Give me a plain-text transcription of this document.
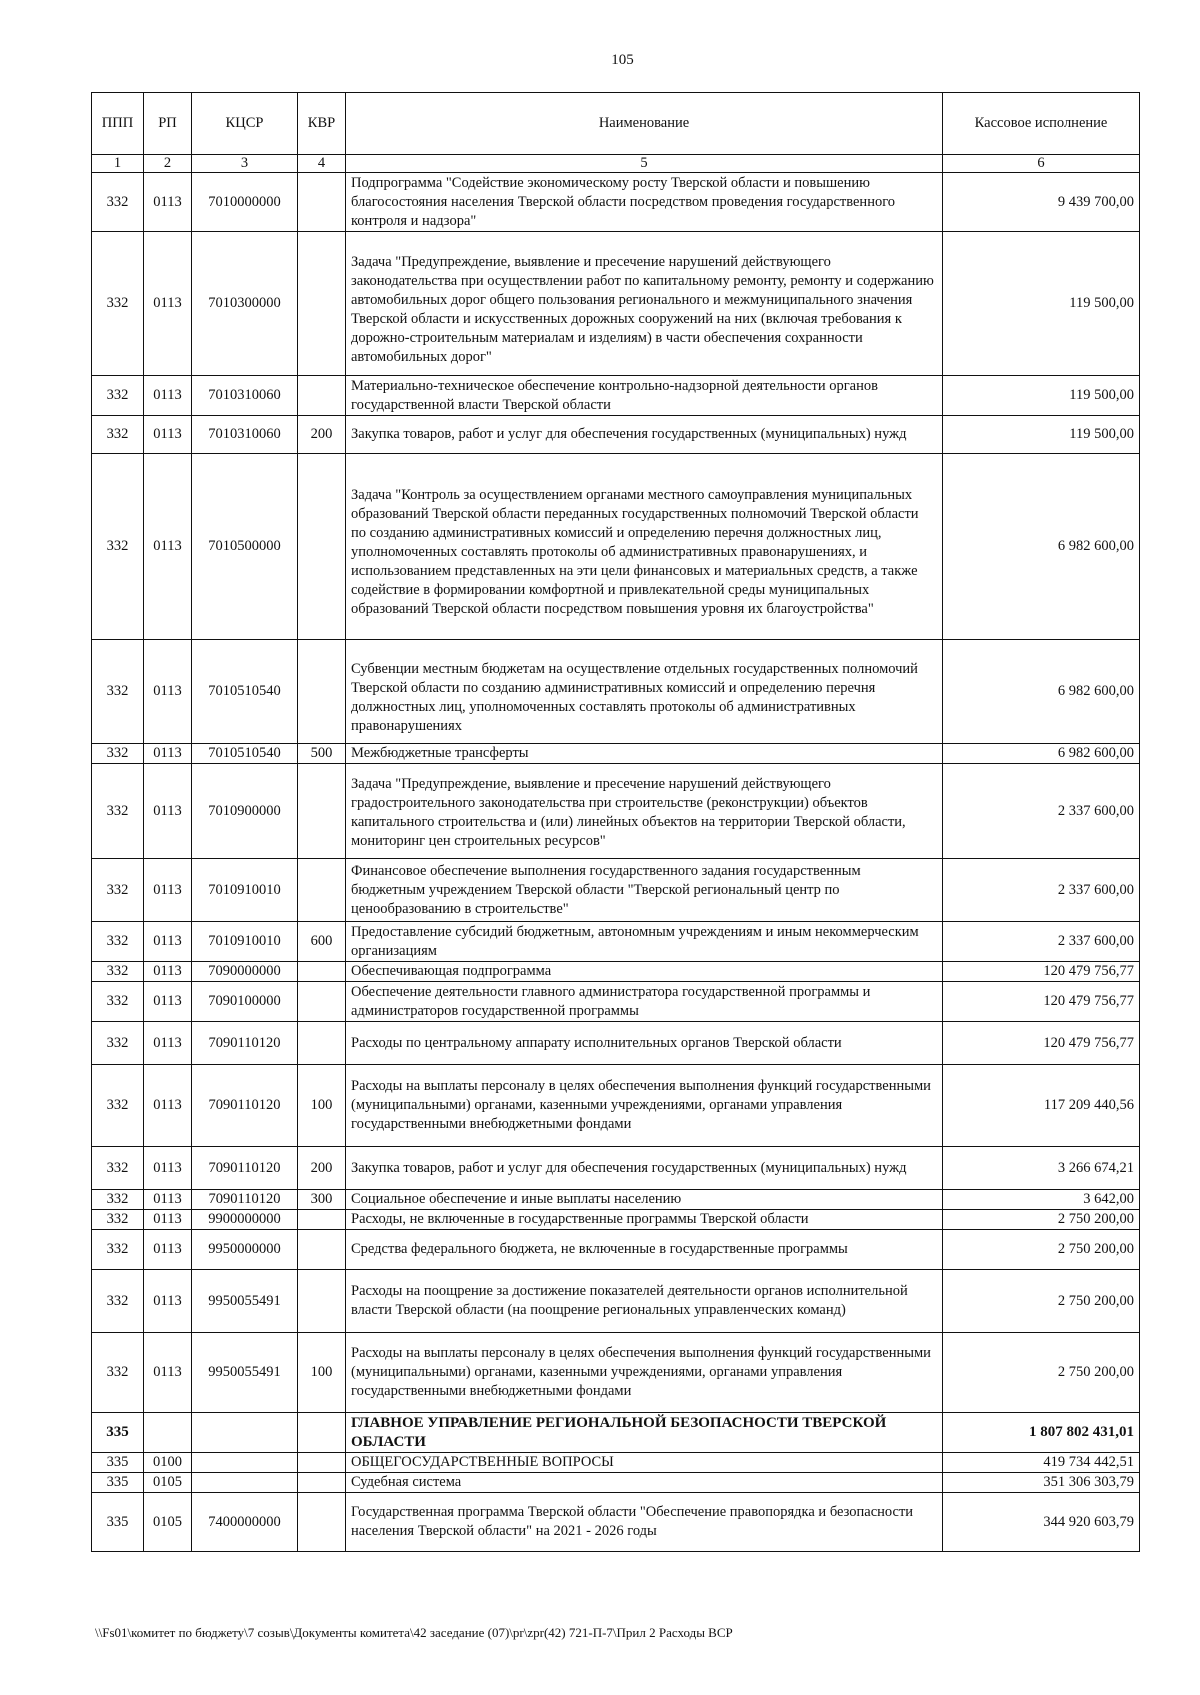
105
ППП	РП	КЦСР	КВР	Наименование	Кассовое исполнение
1	2	3	4	5	6
332	0113	7010000000		Подпрограмма "Содействие экономическому росту Тверской области и повышению благосостояния населения Тверской области посредством проведения государственного контроля и надзора"	9 439 700,00
332	0113	7010300000		Задача "Предупреждение, выявление и пресечение нарушений действующего законодательства при осуществлении работ по капитальному ремонту, ремонту и содержанию автомобильных дорог общего пользования регионального и межмуниципального значения Тверской области и искусственных дорожных сооружений на них (включая требования к дорожно-строительным материалам и изделиям) в части обеспечения сохранности автомобильных дорог"	119 500,00
332	0113	7010310060		Материально-техническое обеспечение контрольно-надзорной деятельности органов государственной власти Тверской области	119 500,00
332	0113	7010310060	200	Закупка товаров, работ и услуг для обеспечения государственных (муниципальных) нужд	119 500,00
332	0113	7010500000		Задача "Контроль за осуществлением органами местного самоуправления муниципальных образований Тверской области переданных государственных полномочий Тверской области по созданию административных комиссий и определению перечня должностных лиц, уполномоченных составлять протоколы об административных правонарушениях, и использованием представленных на эти цели финансовых и материальных средств, а также содействие в формировании комфортной и привлекательной среды муниципальных образований Тверской области посредством повышения уровня их благоустройства"	6 982 600,00
332	0113	7010510540		Субвенции местным бюджетам на осуществление отдельных государственных полномочий Тверской области по созданию административных комиссий и определению перечня должностных лиц, уполномоченных составлять протоколы об административных правонарушениях	6 982 600,00
332	0113	7010510540	500	Межбюджетные трансферты	6 982 600,00
332	0113	7010900000		Задача "Предупреждение, выявление и пресечение нарушений действующего градостроительного законодательства при строительстве (реконструкции) объектов капитального строительства и (или) линейных объектов на территории Тверской области, мониторинг цен строительных ресурсов"	2 337 600,00
332	0113	7010910010		Финансовое обеспечение выполнения государственного задания государственным бюджетным учреждением Тверской области "Тверской региональный центр по ценообразованию в строительстве"	2 337 600,00
332	0113	7010910010	600	Предоставление субсидий бюджетным, автономным учреждениям и иным некоммерческим организациям	2 337 600,00
332	0113	7090000000		Обеспечивающая подпрограмма	120 479 756,77
332	0113	7090100000		Обеспечение деятельности главного администратора государственной программы и администраторов государственной программы	120 479 756,77
332	0113	7090110120		Расходы по центральному аппарату исполнительных органов Тверской области	120 479 756,77
332	0113	7090110120	100	Расходы на выплаты персоналу в целях обеспечения выполнения функций государственными (муниципальными) органами, казенными учреждениями, органами управления государственными внебюджетными фондами	117 209 440,56
332	0113	7090110120	200	Закупка товаров, работ и услуг для обеспечения государственных (муниципальных) нужд	3 266 674,21
332	0113	7090110120	300	Социальное обеспечение и иные выплаты населению	3 642,00
332	0113	9900000000		Расходы, не включенные в государственные программы Тверской области	2 750 200,00
332	0113	9950000000		Средства федерального бюджета, не включенные в государственные программы	2 750 200,00
332	0113	9950055491		Расходы на поощрение за достижение показателей деятельности органов исполнительной власти Тверской области (на поощрение региональных управленческих команд)	2 750 200,00
332	0113	9950055491	100	Расходы на выплаты персоналу в целях обеспечения выполнения функций государственными (муниципальными) органами, казенными учреждениями, органами управления государственными внебюджетными фондами	2 750 200,00
335				ГЛАВНОЕ УПРАВЛЕНИЕ РЕГИОНАЛЬНОЙ БЕЗОПАСНОСТИ ТВЕРСКОЙ ОБЛАСТИ	1 807 802 431,01
335	0100			ОБЩЕГОСУДАРСТВЕННЫЕ ВОПРОСЫ	419 734 442,51
335	0105			Судебная система	351 306 303,79
335	0105	7400000000		Государственная программа Тверской области "Обеспечение правопорядка и безопасности населения Тверской области" на 2021 - 2026 годы	344 920 603,79
\\Fs01\комитет по бюджету\7 созыв\Документы комитета\42 заседание (07)\pr\zpr(42) 721-П-7\Прил 2 Расходы ВСР
